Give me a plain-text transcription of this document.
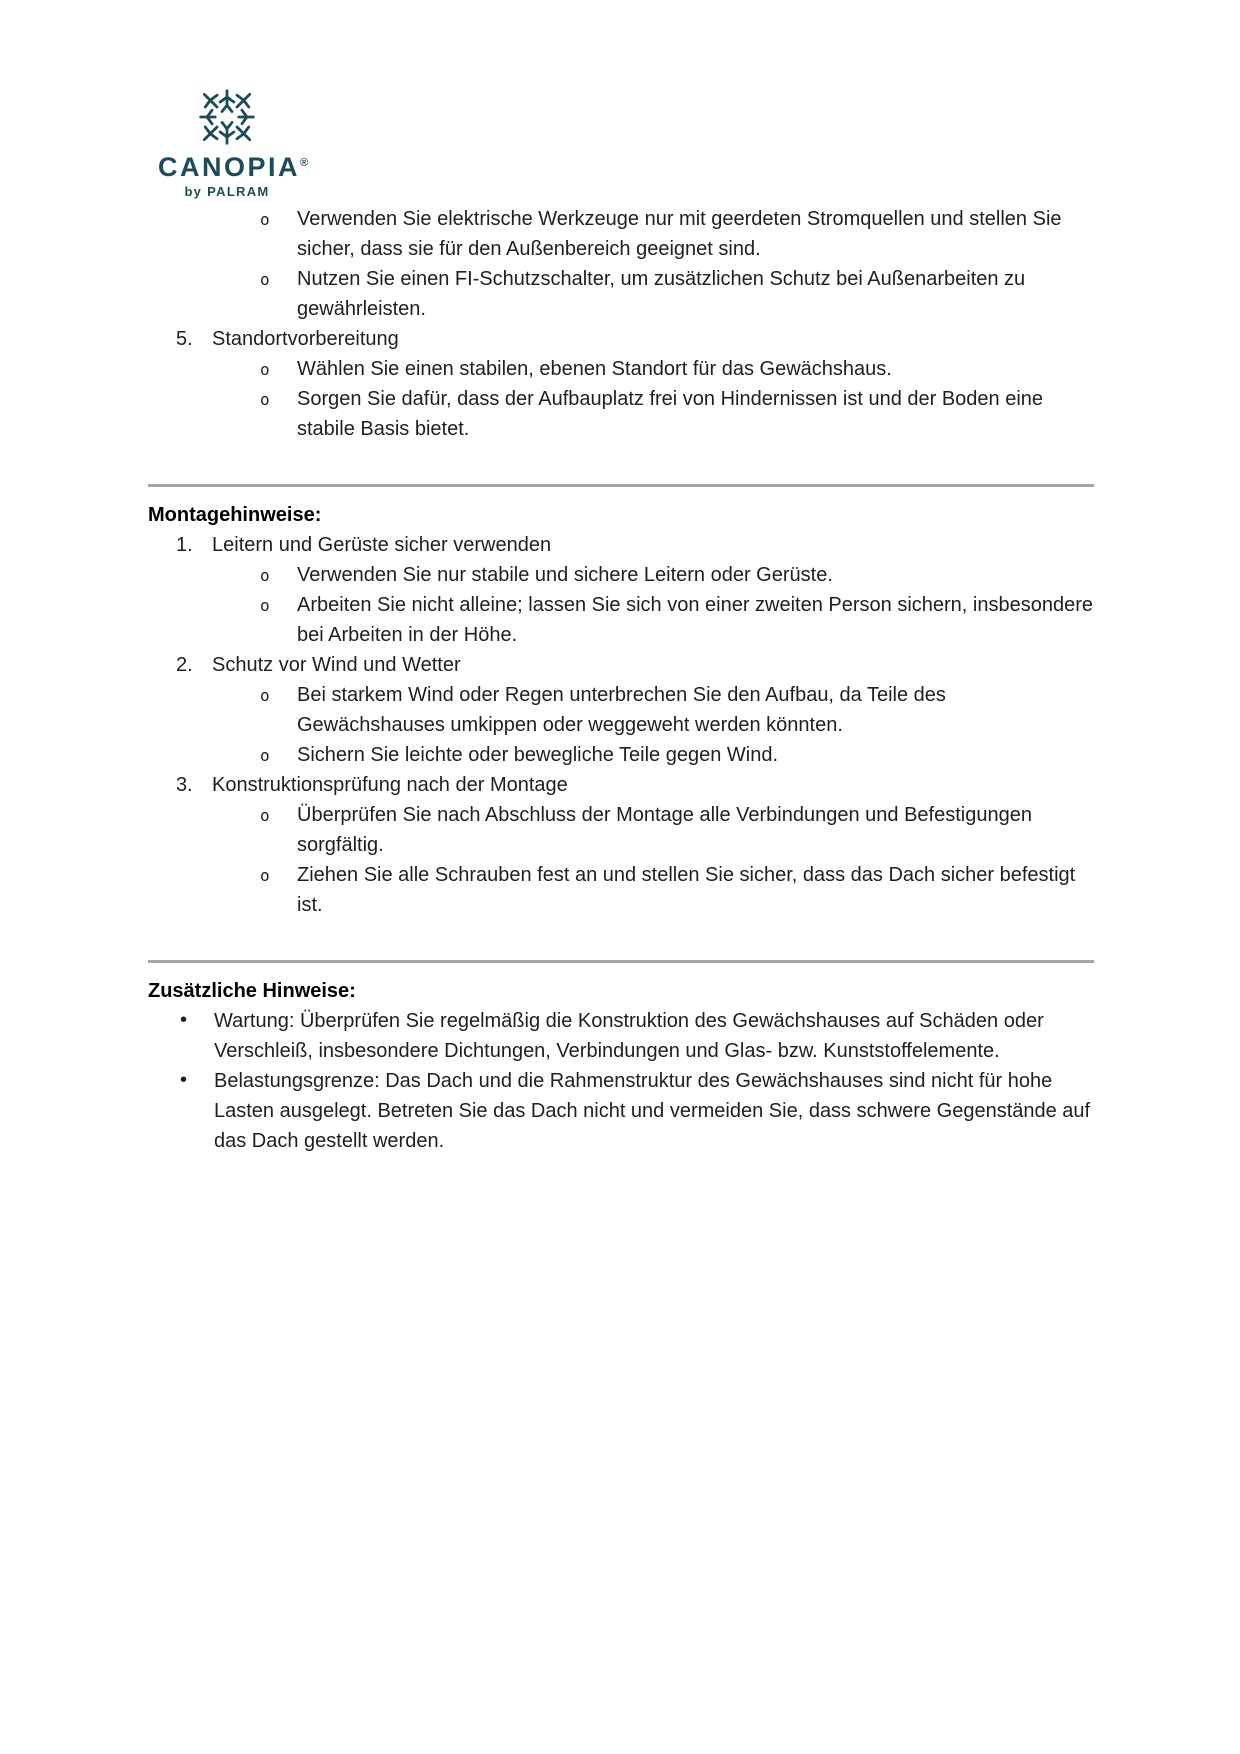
CANOPIA®
by PALRAM
o Verwenden Sie elektrische Werkzeuge nur mit geerdeten Stromquellen und stellen Sie sicher, dass sie für den Außenbereich geeignet sind.
o Nutzen Sie einen FI-Schutzschalter, um zusätzlichen Schutz bei Außenarbeiten zu gewährleisten.
5. Standortvorbereitung
o Wählen Sie einen stabilen, ebenen Standort für das Gewächshaus.
o Sorgen Sie dafür, dass der Aufbauplatz frei von Hindernissen ist und der Boden eine stabile Basis bietet.
Montagehinweise:
1. Leitern und Gerüste sicher verwenden
o Verwenden Sie nur stabile und sichere Leitern oder Gerüste.
o Arbeiten Sie nicht alleine; lassen Sie sich von einer zweiten Person sichern, insbesondere bei Arbeiten in der Höhe.
2. Schutz vor Wind und Wetter
o Bei starkem Wind oder Regen unterbrechen Sie den Aufbau, da Teile des Gewächshauses umkippen oder weggeweht werden könnten.
o Sichern Sie leichte oder bewegliche Teile gegen Wind.
3. Konstruktionsprüfung nach der Montage
o Überprüfen Sie nach Abschluss der Montage alle Verbindungen und Befestigungen sorgfältig.
o Ziehen Sie alle Schrauben fest an und stellen Sie sicher, dass das Dach sicher befestigt ist.
Zusätzliche Hinweise:
• Wartung: Überprüfen Sie regelmäßig die Konstruktion des Gewächshauses auf Schäden oder Verschleiß, insbesondere Dichtungen, Verbindungen und Glas- bzw. Kunststoffelemente.
• Belastungsgrenze: Das Dach und die Rahmenstruktur des Gewächshauses sind nicht für hohe Lasten ausgelegt. Betreten Sie das Dach nicht und vermeiden Sie, dass schwere Gegenstände auf das Dach gestellt werden.
